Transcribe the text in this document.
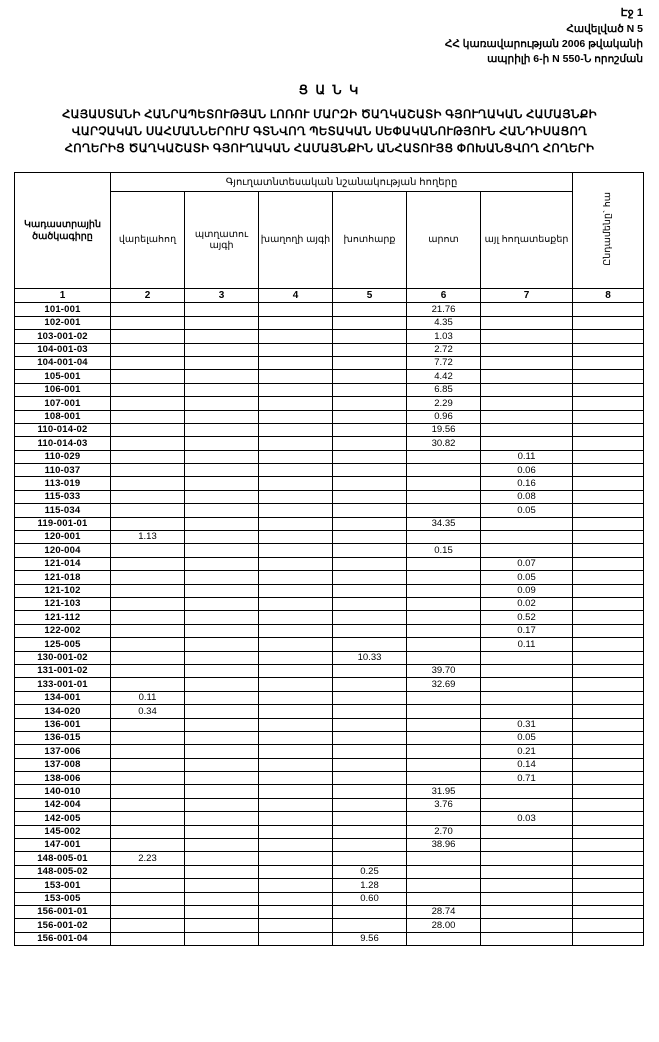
Էջ 1
Հավելված N 5
ՀՀ կառավարության 2006 թվականի
ապրիլի 6-ի N 550-Ն որոշման
Ց Ա Ն Կ
ՀԱՅԱՍՏԱՆԻ ՀԱՆՐԱՊԵՏՈՒԹՅԱՆ ԼՈՌՈՒ ՄԱՐԶԻ ԾԱՂԿԱՇԱՏԻ ԳՅՈՒՂԱԿԱՆ ՀԱՄԱՅՆՔԻ
ՎԱՐՉԱԿԱՆ ՍԱՀՄԱՆՆԵՐՈՒՄ ԳՏՆՎՈՂ ՊԵՏԱԿԱՆ ՍԵՓԱԿԱՆՈՒԹՅՈՒՆ ՀԱՆԴԻՍԱՑՈՂ
ՀՈՂԵՐԻՑ ԾԱՂԿԱՇԱՏԻ ԳՅՈՒՂԱԿԱՆ ՀԱՄԱՅՆՔԻՆ ԱՆՀԱՏՈՒՅՑ ՓՈԽԱՆՑՎՈՂ ՀՈՂԵՐԻ
Կադաստրային ծածկագիրը	Գյուղատնտեսական նշանակության հողերը						Ընդամենը` հա
	վարելահող	պտղատու այգի	խաղողի այգի	խոտհարք	արոտ	այլ հողատեսքեր	
1	2	3	4	5	6	7	8
101-001					21.76		
102-001					4.35		
103-001-02					1.03		
104-001-03					2.72		
104-001-04					7.72		
105-001					4.42		
106-001					6.85		
107-001					2.29		
108-001					0.96		
110-014-02					19.56		
110-014-03					30.82		
110-029						0.11	
110-037						0.06	
113-019						0.16	
115-033						0.08	
115-034						0.05	
119-001-01					34.35		
120-001	1.13						
120-004					0.15		
121-014						0.07	
121-018						0.05	
121-102						0.09	
121-103						0.02	
121-112						0.52	
122-002						0.17	
125-005						0.11	
130-001-02				10.33			
131-001-02					39.70		
133-001-01					32.69		
134-001	0.11						
134-020	0.34						
136-001						0.31	
136-015						0.05	
137-006						0.21	
137-008						0.14	
138-006						0.71	
140-010					31.95		
142-004					3.76		
142-005						0.03	
145-002					2.70		
147-001					38.96		
148-005-01	2.23						
148-005-02				0.25			
153-001				1.28			
153-005				0.60			
156-001-01					28.74		
156-001-02					28.00		
156-001-04				9.56			
